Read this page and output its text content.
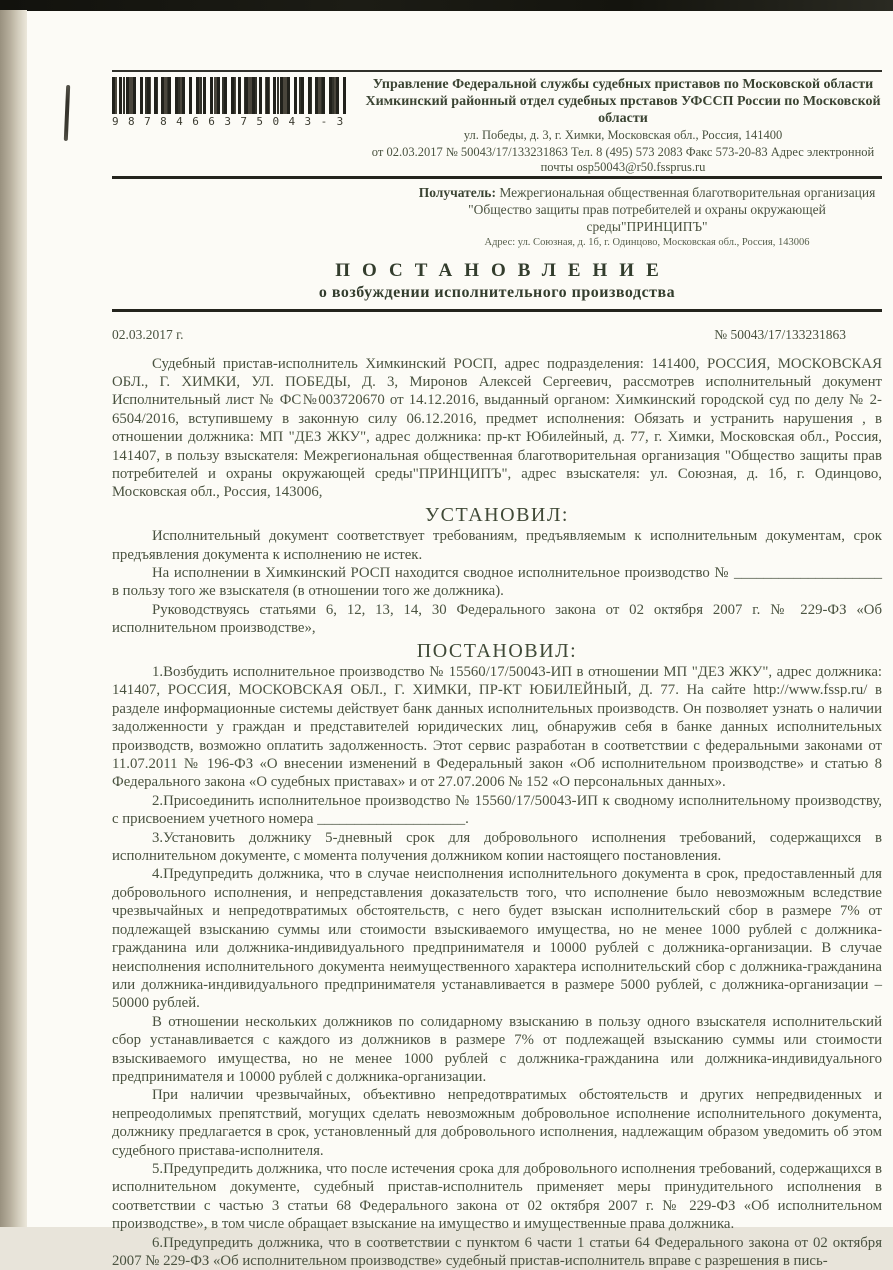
9 8 7 8 4 6 6 3 7 5 0 4 3 - 3
Управление Федеральной службы судебных приставов по Московской области
Химкинский районный отдел судебных прставов УФССП России по Московской области
ул. Победы, д. 3, г. Химки, Московская обл., Россия, 141400
от 02.03.2017 № 50043/17/133231863 Тел. 8 (495) 573 2083 Факс 573-20-83 Адрес электронной почты osp50043@r50.fssprus.ru
Получатель: Межрегиональная общественная благотворительная организация "Общество защиты прав потребителей и охраны окружающей среды"ПРИНЦИПЪ"
Адрес: ул. Союзная, д. 1б, г. Одинцово, Московская обл., Россия, 143006
ПОСТАНОВЛЕНИЕ
о возбуждении исполнительного производства
02.03.2017 г.	№ 50043/17/133231863

Судебный пристав-исполнитель Химкинский РОСП, адрес подразделения: 141400, РОССИЯ, МОСКОВСКАЯ ОБЛ., Г. ХИМКИ, УЛ. ПОБЕДЫ, Д. 3, Миронов Алексей Сергеевич, рассмотрев исполнительный документ Исполнительный лист № ФС№003720670 от 14.12.2016, выданный органом: Химкинский городской суд по делу № 2-6504/2016, вступившему в законную силу 06.12.2016, предмет исполнения: Обязать и устранить нарушения , в отношении должника: МП "ДЕЗ ЖКУ", адрес должника: пр-кт Юбилейный, д. 77, г. Химки, Московская обл., Россия, 141407, в пользу взыскателя: Межрегиональная общественная благотворительная организация "Общество защиты прав потребителей и охраны окружающей среды"ПРИНЦИПЪ", адрес взыскателя: ул. Союзная, д. 1б, г. Одинцово, Московская обл., Россия, 143006,

УСТАНОВИЛ:

Исполнительный документ соответствует требованиям, предъявляемым к исполнительным документам, срок предъявления документа к исполнению не истек.

На исполнении в Химкинский РОСП находится сводное исполнительное производство № ____________________ в пользу того же взыскателя (в отношении того же должника).

Руководствуясь статьями 6, 12, 13, 14, 30 Федерального закона от 02 октября 2007 г. № 229-ФЗ «Об исполнительном производстве»,

ПОСТАНОВИЛ:

1.Возбудить исполнительное производство № 15560/17/50043-ИП в отношении МП "ДЕЗ ЖКУ", адрес должника: 141407, РОССИЯ, МОСКОВСКАЯ ОБЛ., Г. ХИМКИ, ПР-КТ ЮБИЛЕЙНЫЙ, Д. 77. На сайте http://www.fssp.ru/ в разделе информационные системы действует банк данных исполнительных производств. Он позволяет узнать о наличии задолженности у граждан и представителей юридических лиц, обнаружив себя в банке данных исполнительных производств, возможно оплатить задолженность. Этот сервис разработан в соответствии с федеральными законами от 11.07.2011 № 196-ФЗ «О внесении изменений в Федеральный закон «Об исполнительном производстве» и статью 8 Федерального закона «О судебных приставах» и от 27.07.2006 № 152 «О персональных данных».

2.Присоединить исполнительное производство № 15560/17/50043-ИП к сводному исполнительному производству, с присвоением учетного номера ____________________.

3.Установить должнику 5-дневный срок для добровольного исполнения требований, содержащихся в исполнительном документе, с момента получения должником копии настоящего постановления.

4.Предупредить должника, что в случае неисполнения исполнительного документа в срок, предоставленный для добровольного исполнения, и непредставления доказательств того, что исполнение было невозможным вследствие чрезвычайных и непредотвратимых обстоятельств, с него будет взыскан исполнительский сбор в размере 7% от подлежащей взысканию суммы или стоимости взыскиваемого имущества, но не менее 1000 рублей с должника-гражданина или должника-индивидуального предпринимателя и 10000 рублей с должника-организации. В случае неисполнения исполнительного документа неимущественного характера исполнительский сбор с должника-гражданина или должника-индивидуального предпринимателя устанавливается в размере 5000 рублей, с должника-организации – 50000 рублей.

В отношении нескольких должников по солидарному взысканию в пользу одного взыскателя исполнительский сбор устанавливается с каждого из должников в размере 7% от подлежащей взысканию суммы или стоимости взыскиваемого имущества, но не менее 1000 рублей с должника-гражданина или должника-индивидуального предпринимателя и 10000 рублей с должника-организации.

При наличии чрезвычайных, объективно непредотвратимых обстоятельств и других непредвиденных и непреодолимых препятствий, могущих сделать невозможным добровольное исполнение исполнительного документа, должнику предлагается в срок, установленный для добровольного исполнения, надлежащим образом уведомить об этом судебного пристава-исполнителя.

5.Предупредить должника, что после истечения срока для добровольного исполнения требований, содержащихся в исполнительном документе, судебный пристав-исполнитель применяет меры принудительного исполнения в соответствии с частью 3 статьи 68 Федерального закона от 02 октября 2007 г. № 229-ФЗ «Об исполнительном производстве», в том числе обращает взыскание на имущество и имущественные права должника.

6.Предупредить должника, что в соответствии с пунктом 6 части 1 статьи 64 Федерального закона от 02 октября 2007 № 229-ФЗ «Об исполнительном производстве» судебный пристав-исполнитель вправе с разрешения в пись-
